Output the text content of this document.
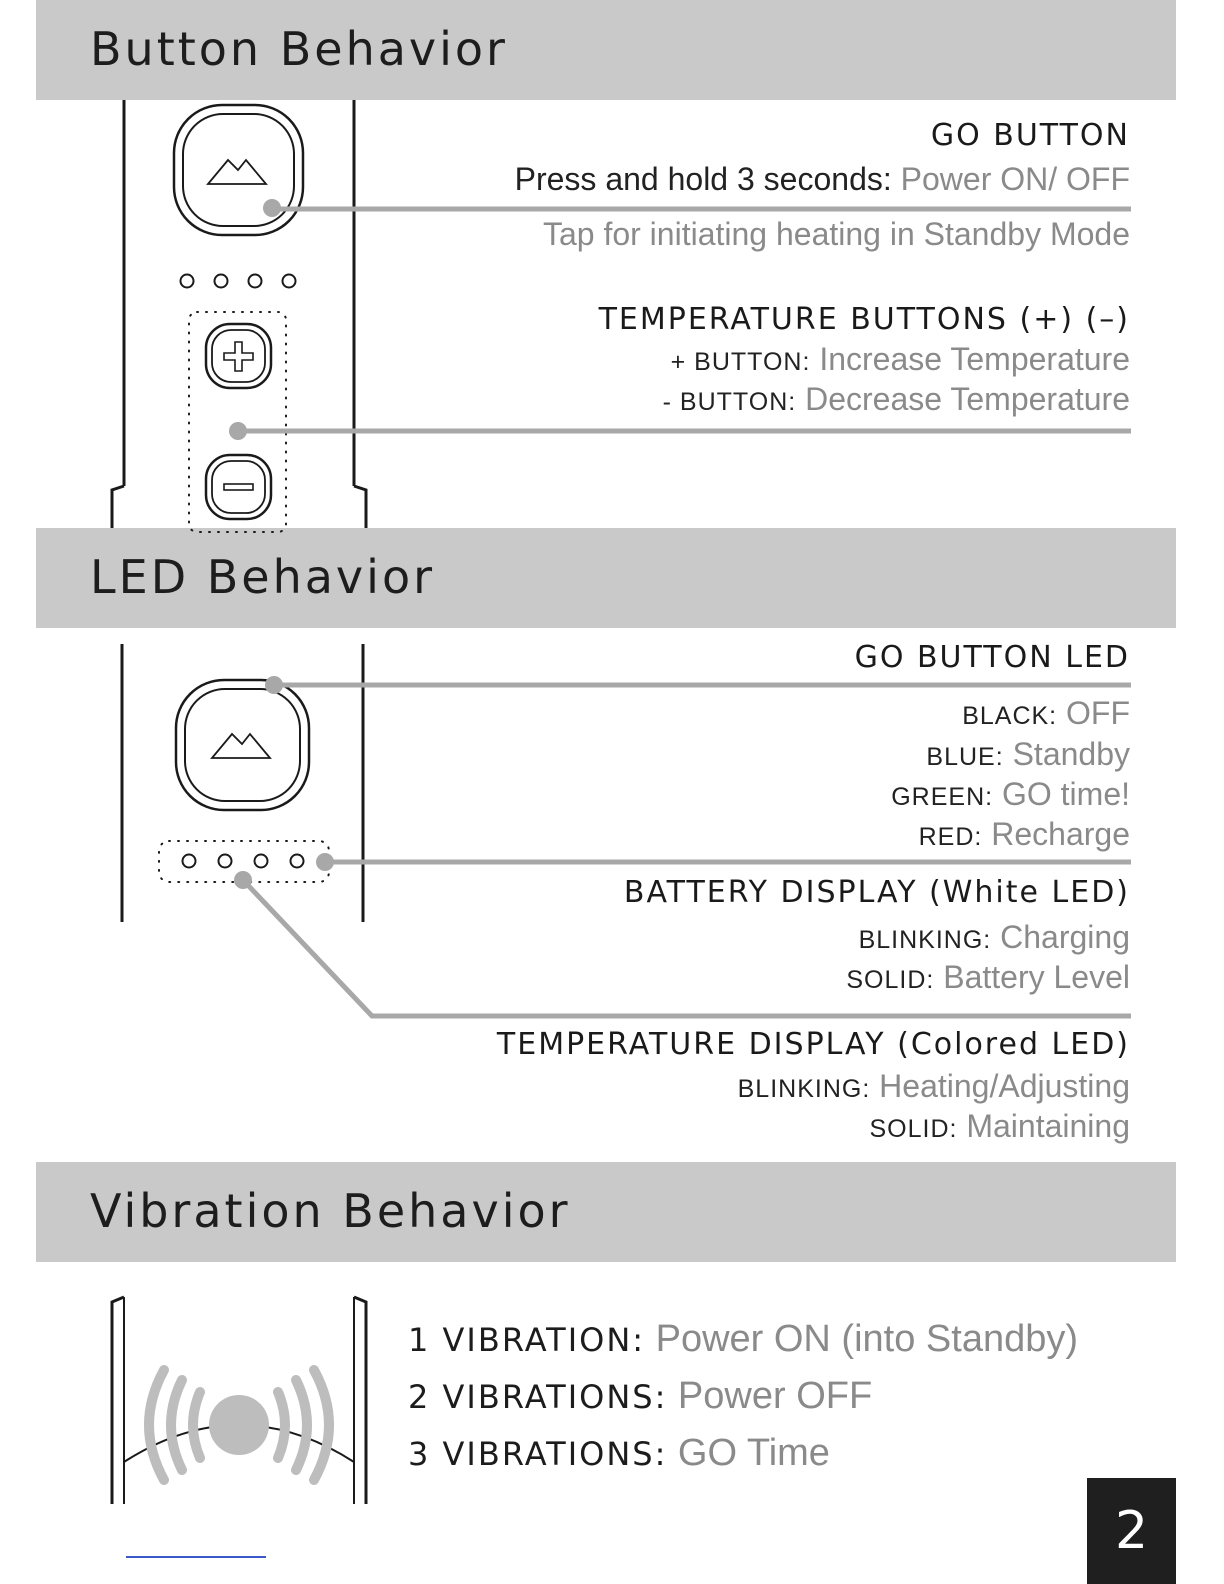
Button Behavior
LED Behavior
Vibration Behavior
GO BUTTON
Press and hold 3 seconds: Power ON/ OFF
Tap for initiating heating in Standby Mode
TEMPERATURE BUTTONS (+) (–)
+ BUTTON: Increase Temperature
- BUTTON: Decrease Temperature
GO BUTTON LED
BLACK: OFF
BLUE: Standby
GREEN: GO time!
RED: Recharge
BATTERY DISPLAY (White LED)
BLINKING: Charging
SOLID: Battery Level
TEMPERATURE DISPLAY (Colored LED)
BLINKING: Heating/Adjusting
SOLID: Maintaining
1 VIBRATION: Power ON (into Standby)
2 VIBRATIONS: Power OFF
3 VIBRATIONS: GO Time
2
